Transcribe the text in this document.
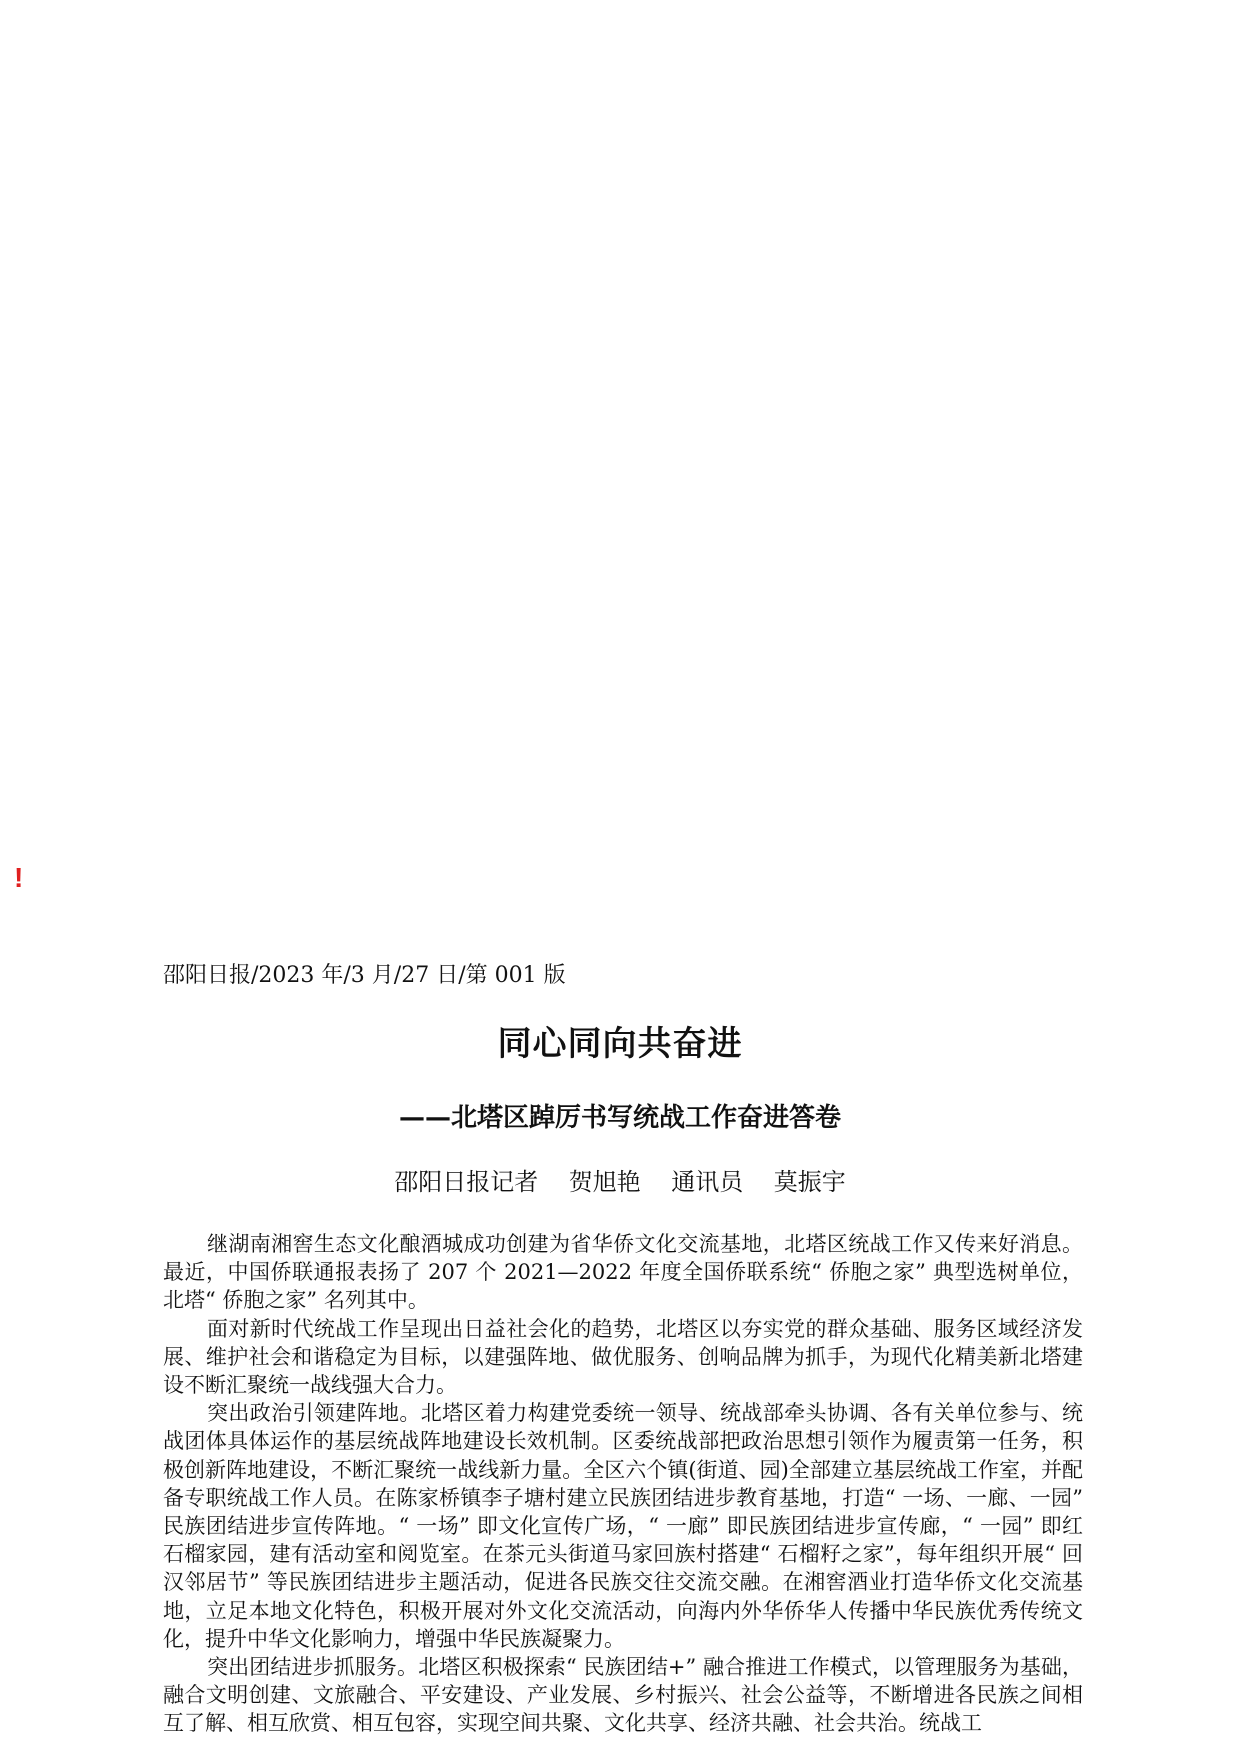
!
邵阳日报/2023 年/3 月/27 日/第 001 版
同心同向共奋进
——北塔区踔厉书写统战工作奋进答卷
邵阳日报记者    贺旭艳    通讯员    莫振宇

继湖南湘窖生态文化酿酒城成功创建为省华侨文化交流基地，北塔区统战工作又传来好消息。最近，中国侨联通报表扬了 207 个 2021—2022 年度全国侨联系统“ 侨胞之家” 典型选树单位，北塔“ 侨胞之家” 名列其中。

面对新时代统战工作呈现出日益社会化的趋势，北塔区以夯实党的群众基础、服务区域经济发展、维护社会和谐稳定为目标，以建强阵地、做优服务、创响品牌为抓手，为现代化精美新北塔建设不断汇聚统一战线强大合力。

突出政治引领建阵地。北塔区着力构建党委统一领导、统战部牵头协调、各有关单位参与、统战团体具体运作的基层统战阵地建设长效机制。区委统战部把政治思想引领作为履责第一任务，积极创新阵地建设，不断汇聚统一战线新力量。全区六个镇(街道、园)全部建立基层统战工作室，并配备专职统战工作人员。在陈家桥镇李子塘村建立民族团结进步教育基地，打造“ 一场、一廊、一园” 民族团结进步宣传阵地。“ 一场” 即文化宣传广场，“ 一廊” 即民族团结进步宣传廊，“ 一园” 即红石榴家园，建有活动室和阅览室。在茶元头街道马家回族村搭建“ 石榴籽之家”，每年组织开展“ 回汉邻居节” 等民族团结进步主题活动，促进各民族交往交流交融。在湘窖酒业打造华侨文化交流基地，立足本地文化特色，积极开展对外文化交流活动，向海内外华侨华人传播中华民族优秀传统文化，提升中华文化影响力，增强中华民族凝聚力。

突出团结进步抓服务。北塔区积极探索“ 民族团结+” 融合推进工作模式，以管理服务为基础，融合文明创建、文旅融合、平安建设、产业发展、乡村振兴、社会公益等，不断增进各民族之间相互了解、相互欣赏、相互包容，实现空间共聚、文化共享、经济共融、社会共治。统战工
